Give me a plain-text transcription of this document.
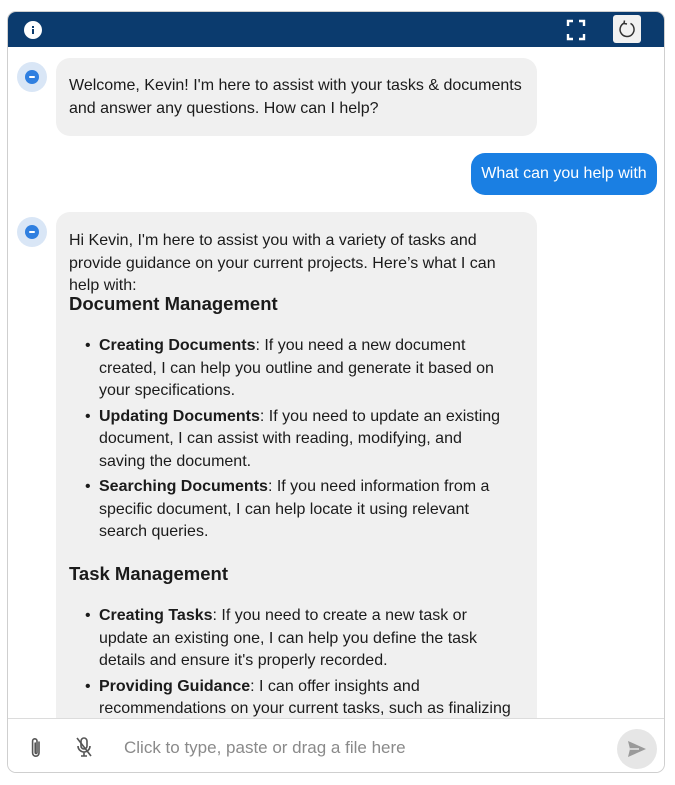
Welcome, Kevin! I'm here to assist with your tasks & documents and answer any questions. How can I help?
What can you help with
Hi Kevin, I'm here to assist you with a variety of tasks and provide guidance on your current projects. Here’s what I can help with:
Document Management
• Creating Documents: If you need a new document created, I can help you outline and generate it based on your specifications.
• Updating Documents: If you need to update an existing document, I can assist with reading, modifying, and saving the document.
• Searching Documents: If you need information from a specific document, I can help locate it using relevant search queries.
Task Management
• Creating Tasks: If you need to create a new task or update an existing one, I can help you define the task details and ensure it's properly recorded.
• Providing Guidance: I can offer insights and recommendations on your current tasks, such as finalizing
Click to type, paste or drag a file here
